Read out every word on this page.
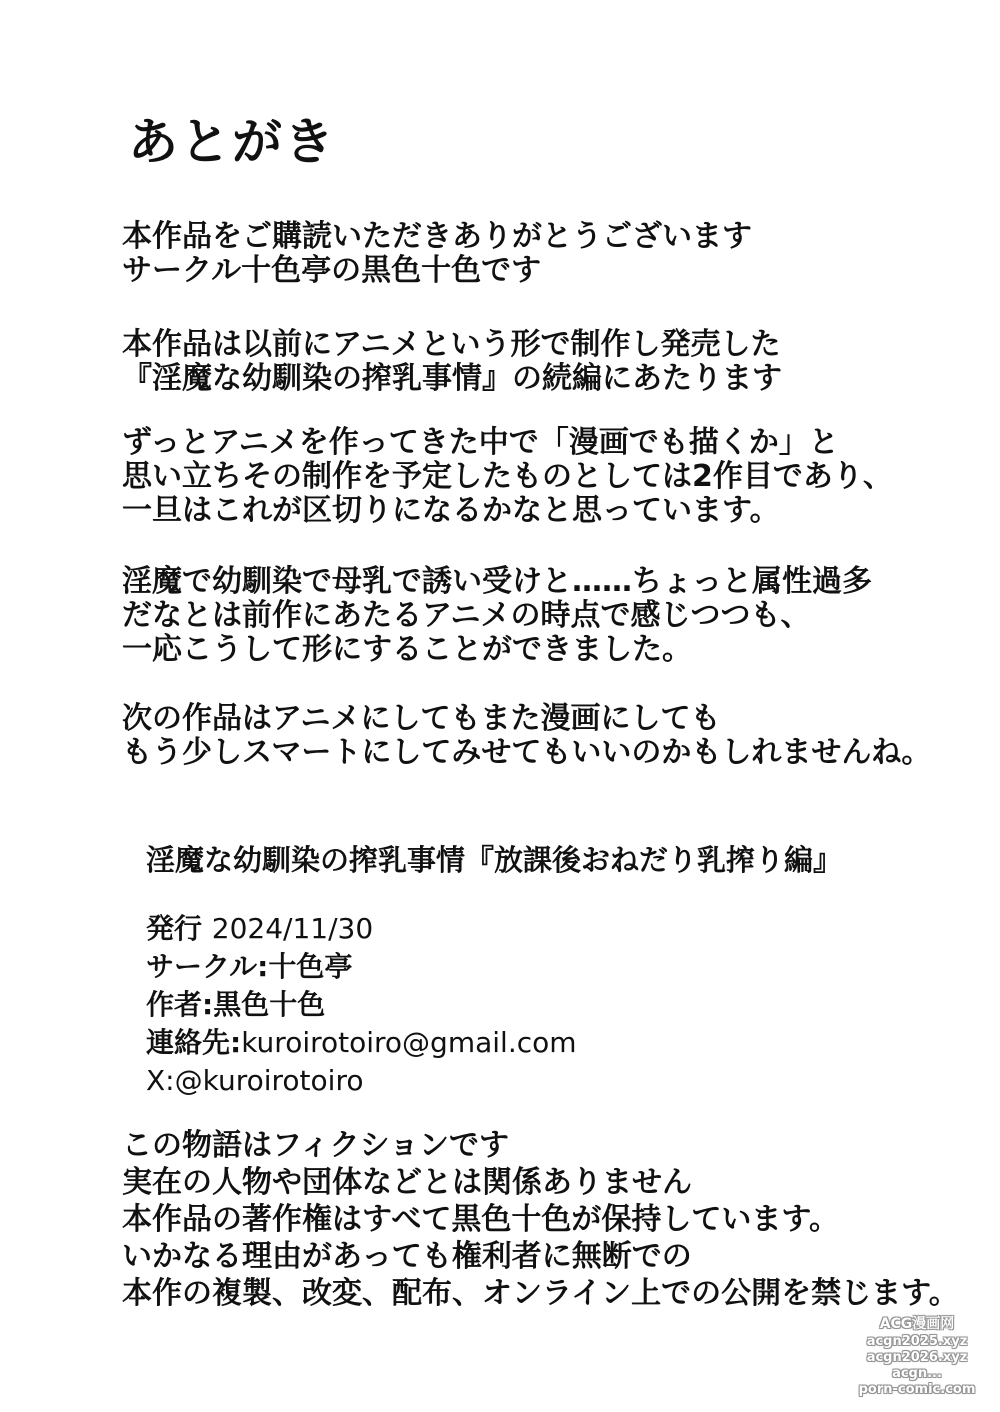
あとがき
本作品をご購読いただきありがとうございます
サークル十色亭の黒色十色です
本作品は以前にアニメという形で制作し発売した
『淫魔な幼馴染の搾乳事情』の続編にあたります
ずっとアニメを作ってきた中で「漫画でも描くか」と
思い立ちその制作を予定したものとしては2作目であり、
一旦はこれが区切りになるかなと思っています。
淫魔で幼馴染で母乳で誘い受けと……ちょっと属性過多
だなとは前作にあたるアニメの時点で感じつつも、
一応こうして形にすることができました。
次の作品はアニメにしてもまた漫画にしても
もう少しスマートにしてみせてもいいのかもしれませんね。
淫魔な幼馴染の搾乳事情『放課後おねだり乳搾り編』
発行 2024/11/30
サークル:十色亭
作者:黒色十色
連絡先:kuroirotoiro@gmail.com
X:@kuroirotoiro
この物語はフィクションです
実在の人物や団体などとは関係ありません
本作品の著作権はすべて黒色十色が保持しています。
いかなる理由があっても権利者に無断での
本作の複製、改変、配布、オンライン上での公開を禁じます。
ACG漫画网
acgn2025.xyz
acgn2026.xyz
acgn...
porn-comic.com
